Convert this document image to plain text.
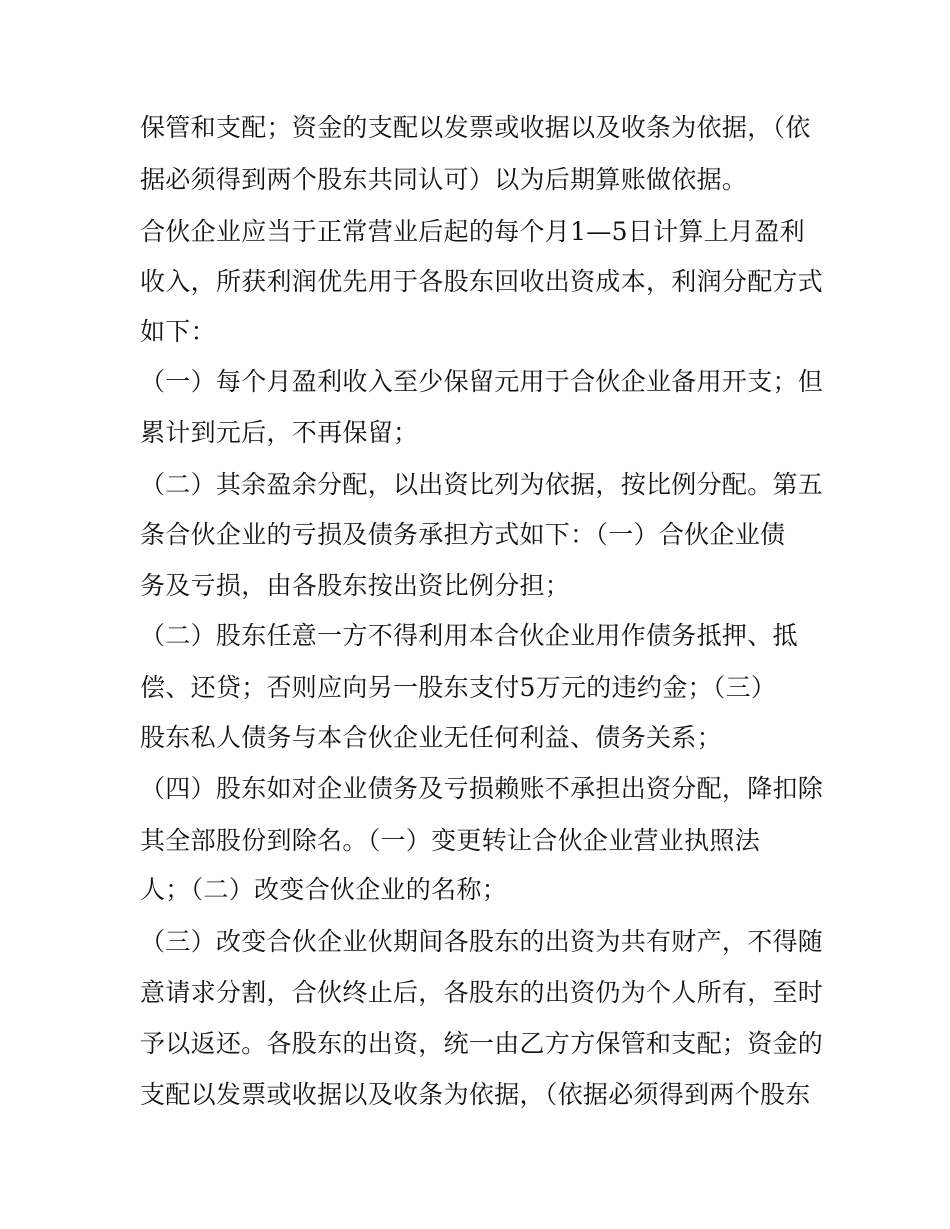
保管和支配；资金的支配以发票或收据以及收条为依据，（依
据必须得到两个股东共同认可）以为后期算账做依据。
合伙企业应当于正常营业后起的每个月1—5日计算上月盈利
收入，所获利润优先用于各股东回收出资成本，利润分配方式
如下：
（一）每个月盈利收入至少保留元用于合伙企业备用开支；但
累计到元后，不再保留；
（二）其余盈余分配，以出资比列为依据，按比例分配。第五
条合伙企业的亏损及债务承担方式如下：（一）合伙企业债
务及亏损，由各股东按出资比例分担；
（二）股东任意一方不得利用本合伙企业用作债务抵押、抵
偿、还贷；否则应向另一股东支付5万元的违约金；（三）
股东私人债务与本合伙企业无任何利益、债务关系；
（四）股东如对企业债务及亏损赖账不承担出资分配，降扣除
其全部股份到除名。（一）变更转让合伙企业营业执照法
人；（二）改变合伙企业的名称；
（三）改变合伙企业伙期间各股东的出资为共有财产，不得随
意请求分割，合伙终止后，各股东的出资仍为个人所有，至时
予以返还。各股东的出资，统一由乙方方保管和支配；资金的
支配以发票或收据以及收条为依据，（依据必须得到两个股东
